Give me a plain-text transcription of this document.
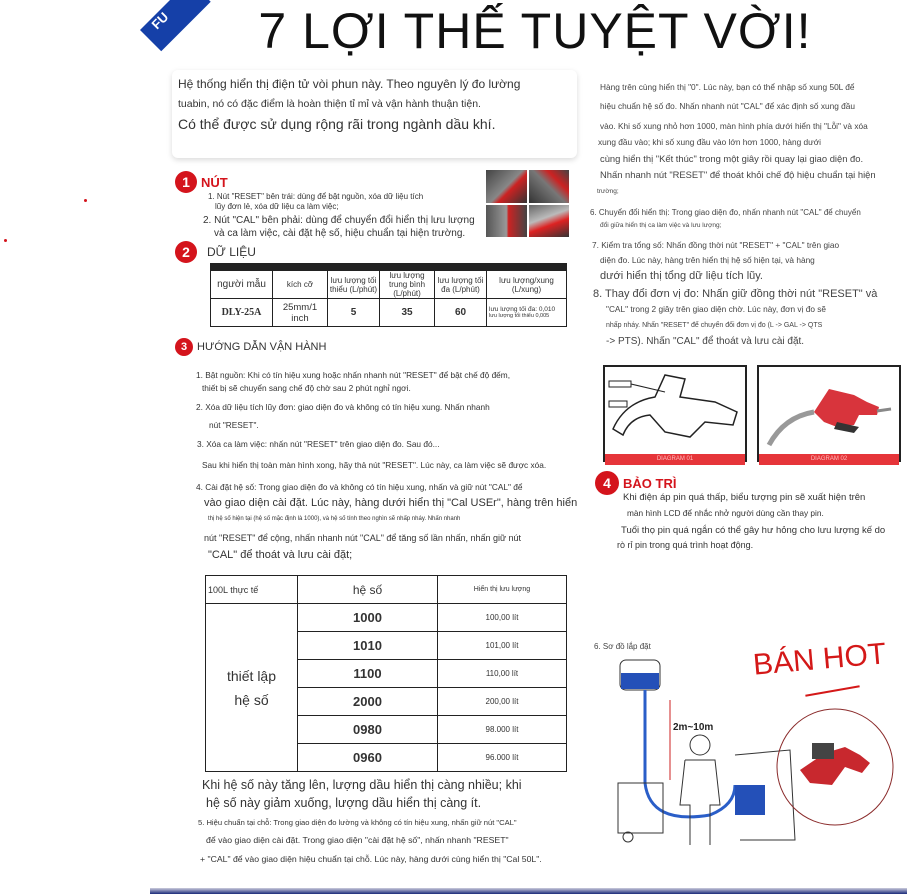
FU	7 LỢI THẾ TUYỆT VỜI!
Hệ thống hiển thị điện tử vòi phun này. Theo nguyên lý đo lường
tuabin, nó có đặc điểm là hoàn thiện tỉ mỉ và vận hành thuận tiện.
Có thể được sử dụng rộng rãi trong ngành dầu khí.
1 NÚT
1. Nút "RESET" bên trái: dùng để bật nguồn, xóa dữ liệu tích
lũy đơn lẻ, xóa dữ liệu ca làm việc;
2. Nút "CAL" bên phải: dùng để chuyển đổi hiển thị lưu lượng
và ca làm việc, cài đặt hệ số, hiệu chuẩn tại hiện trường.
2	DỮ LIỆU
người mẫu	kích cỡ	lưu lượng tối thiểu (L/phút)	lưu lượng trung bình (L/phút)	lưu lượng tối đa (L/phút)	lưu lượng/xung (L/xung)
DLY-25A	25mm/1 inch	5	35	60	lưu lượng tối đa: 0,010
lưu lượng tối thiểu 0,005
3 HƯỚNG DẪN VẬN HÀNH
1. Bật nguồn: Khi có tín hiệu xung hoặc nhấn nhanh nút "RESET" để bật chế độ đếm,
thiết bị sẽ chuyển sang chế độ chờ sau 2 phút nghỉ ngơi.
2. Xóa dữ liệu tích lũy đơn: giao diện đo và không có tín hiệu xung. Nhấn nhanh
nút "RESET".
3. Xóa ca làm việc: nhấn nút "RESET" trên giao diện đo. Sau đó...
Sau khi hiển thị toàn màn hình xong, hãy thả nút "RESET". Lúc này, ca làm việc sẽ được xóa.
4. Cài đặt hệ số: Trong giao diện đo và không có tín hiệu xung, nhấn và giữ nút "CAL" để
vào giao diện cài đặt. Lúc này, hàng dưới hiển thị "Cal USEr", hàng trên hiển
thị hệ số hiện tại (hệ số mặc định là 1000), và hệ số tính theo nghìn sẽ nhấp nháy. Nhấn nhanh
nút "RESET" để cộng, nhấn nhanh nút "CAL" để tăng số lần nhấn, nhấn giữ nút
"CAL" để thoát và lưu cài đặt;
100L thực tế	hệ số	Hiển thị lưu lượng

thiết lập
hệ số	1000	100,00 lít
	1010	101,00 lít
	1100	110,00 lít
	2000	200,00 lít
	0980	98.000 lít
	0960	96.000 lít
Khi hệ số này tăng lên, lượng dầu hiển thị càng nhiều; khi
hệ số này giảm xuống, lượng dầu hiển thị càng ít.
5. Hiệu chuẩn tại chỗ: Trong giao diện đo lường và không có tín hiệu xung, nhấn giữ nút "CAL"
để vào giao diện cài đặt. Trong giao diện "cài đặt hệ số", nhấn nhanh "RESET"
+ "CAL" để vào giao diện hiệu chuẩn tại chỗ. Lúc này, hàng dưới cùng hiển thị "Cal 50L".
Hàng trên cùng hiển thị "0". Lúc này, bạn có thể nhập số xung 50L để
hiệu chuẩn hệ số đo. Nhấn nhanh nút "CAL" để xác định số xung đầu
vào. Khi số xung nhỏ hơn 1000, màn hình phía dưới hiển thị "Lỗi" và xóa
xung đầu vào; khi số xung đầu vào lớn hơn 1000, hàng dưới
cùng hiển thị "Kết thúc" trong một giây rồi quay lại giao diện đo.
Nhấn nhanh nút "RESET" để thoát khỏi chế độ hiệu chuẩn tại hiện
trường;
6. Chuyển đổi hiển thị: Trong giao diện đo, nhấn nhanh nút "CAL" để chuyển
đổi giữa hiển thị ca làm việc và lưu lượng;
7. Kiểm tra tổng số: Nhấn đồng thời nút "RESET" + "CAL" trên giao
diện đo. Lúc này, hàng trên hiển thị hệ số hiện tại, và hàng
dưới hiển thị tổng dữ liệu tích lũy.
8. Thay đổi đơn vị đo: Nhấn giữ đồng thời nút "RESET" và
"CAL" trong 2 giây trên giao diện chờ. Lúc này, đơn vị đo sẽ
nhấp nháy. Nhấn "RESET" để chuyển đổi đơn vị đo (L -> GAL -> QTS
-> PTS). Nhấn "CAL" để thoát và lưu cài đặt.
DIAGRAM 01	DIAGRAM 02
4 BẢO TRÌ
Khi điện áp pin quá thấp, biểu tượng pin sẽ xuất hiện trên
màn hình LCD để nhắc nhở người dùng cần thay pin.
Tuổi thọ pin quá ngắn có thể gây hư hỏng cho lưu lượng kế do
rò rỉ pin trong quá trình hoạt động.
6. Sơ đồ lắp đặt
2m~10m
BÁN HOT
